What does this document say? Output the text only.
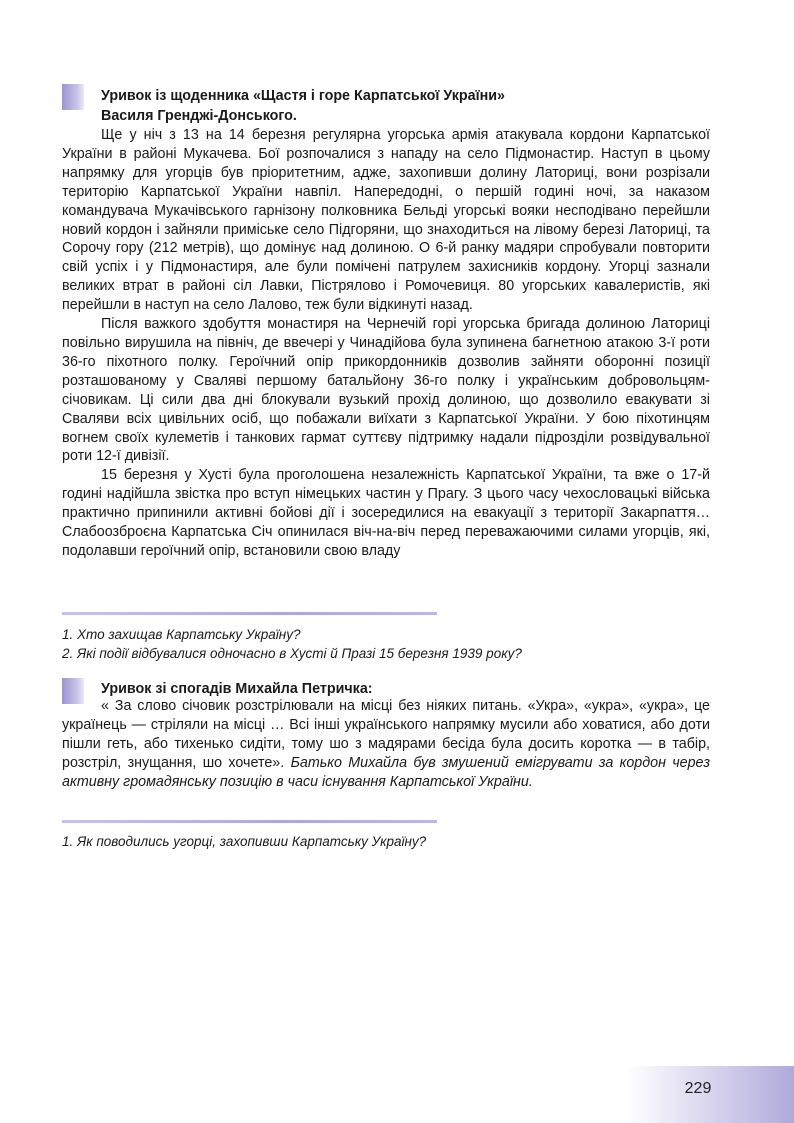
Уривок із щоденника «Щастя і горе Карпатської України»
Василя Гренджі-Донського.

Ще у ніч з 13 на 14 березня регулярна угорська армія атакувала кордони Карпатської України в районі Мукачева. Бої розпочалися з нападу на село Підмонастир. Наступ в цьому напрямку для угорців був пріоритетним, адже, захопивши долину Латориці, вони розрізали територію Карпатської України навпіл. Напередодні, о першій годині ночі, за наказом командувача Мукачівського гарнізону полковника Бельді угорські вояки несподівано перейшли новий кордон і зайняли приміське село Підгоряни, що знаходиться на лівому березі Латориці, та Сорочу гору (212 метрів), що домінує над долиною. О 6-й ранку мадяри спробували повторити свій успіх і у Підмонастиря, але були помічені патрулем захисників кордону. Угорці зазнали великих втрат в районі сіл Лавки, Пістрялово і Ромочевиця. 80 угорських кавалеристів, які перейшли в наступ на село Лалово, теж були відкинуті назад.

Після важкого здобуття монастиря на Чернечій горі угорська бригада долиною Латориці повільно вирушила на північ, де ввечері у Чинадійова була зупинена багнетною атакою 3-ї роти 36-го піхотного полку. Героїчний опір прикордонників дозволив зайняти оборонні позиції розташованому у Сваляві першому батальйону 36-го полку і українським добровольцям-січовикам. Ці сили два дні блокували вузький прохід долиною, що дозволило евакувати зі Сваляви всіх цивільних осіб, що побажали виїхати з Карпатської України. У бою піхотинцям вогнем своїх кулеметів і танкових гармат суттєву підтримку надали підрозділи розвідувальної роти 12-ї дивізії.

15 березня у Хусті була проголошена незалежність Карпатської України, та вже о 17-й годині надійшла звістка про вступ німецьких частин у Прагу. З цього часу чехословацькі війська практично припинили активні бойові дії і зосередилися на евакуації з території Закарпаття…Слабоозброєна Карпатська Січ опинилася віч-на-віч перед переважаючими силами угорців, які, подолавши героїчний опір, встановили свою владу

1. Хто захищав Карпатську Україну?
2. Які події відбувалися одночасно в Хусті й Празі 15 березня 1939 року?
Уривок зі спогадів Михайла Петричка:

« За слово січовик розстрілювали на місці без ніяких питань. «Укра», «укра», «укра», це українець — стріляли на місці … Всі інші українського напрямку мусили або ховатися, або доти пішли геть, або тихенько сидіти, тому шо з мадярами бесіда була досить коротка — в табір, розстріл, знущання, шо хочете». Батько Михайла був змушений емігрувати за кордон через активну громадянську позицію в часи існування Карпатської України.

1. Як поводились угорці, захопивши Карпатську Україну?
229
